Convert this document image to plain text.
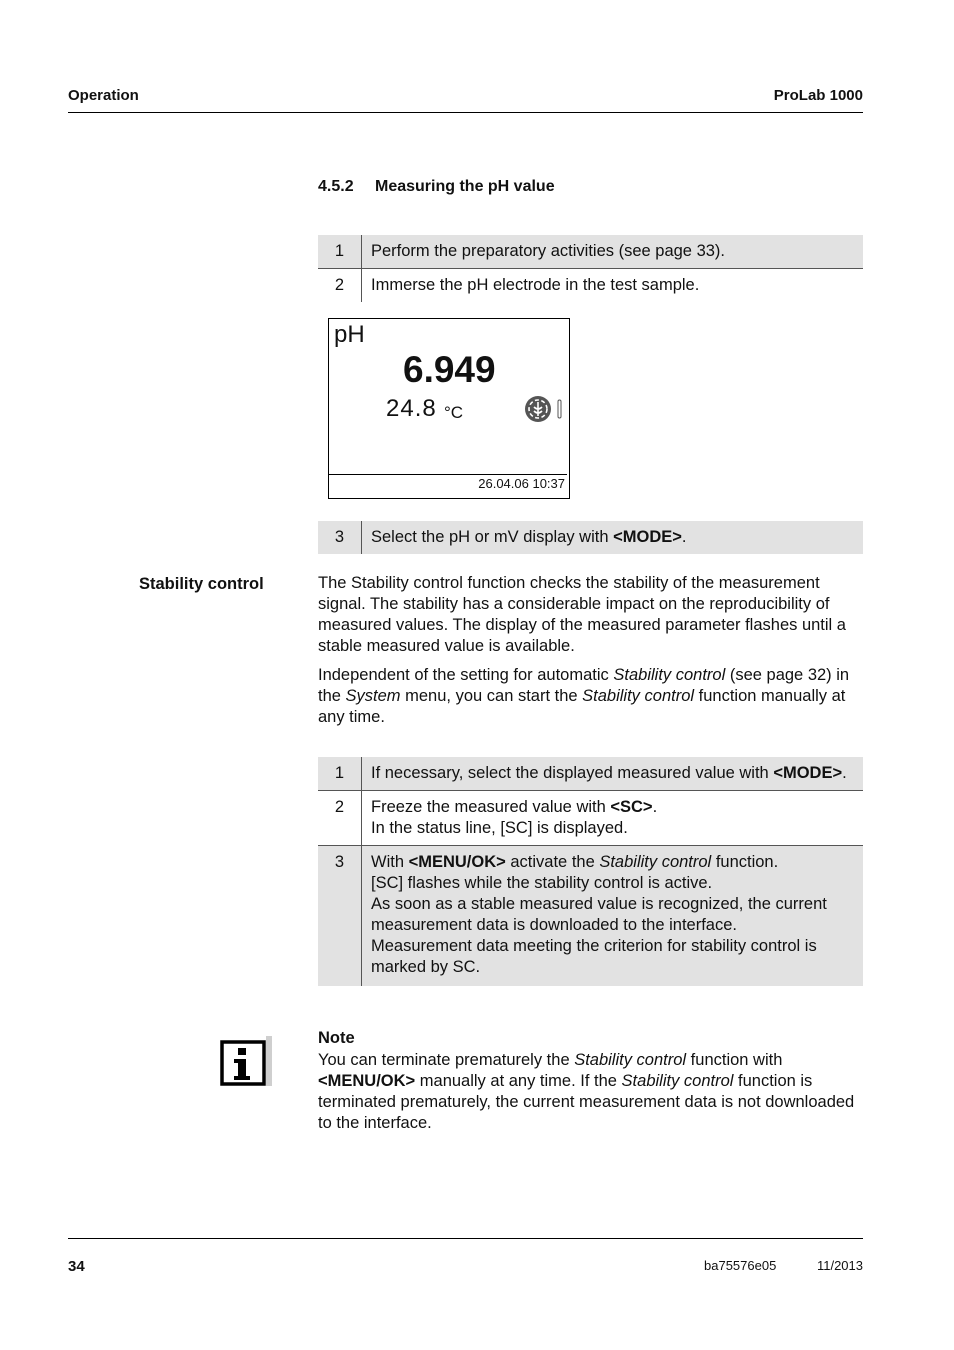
Operation	ProLab 1000
4.5.2 Measuring the pH value
1	Perform the preparatory activities (see page 33).
2	Immerse the pH electrode in the test sample.
pH
6.949
24.8 °C
26.04.06 10:37
3	Select the pH or mV display with <MODE>.
Stability control	The Stability control function checks the stability of the measurement signal. The stability has a considerable impact on the reproducibility of measured values. The display of the measured parameter flashes until a stable measured value is available.
Independent of the setting for automatic Stability control (see page 32) in the System menu, you can start the Stability control function manually at any time.
1	If necessary, select the displayed measured value with <MODE>.
2	Freeze the measured value with <SC>.
In the status line, [SC] is displayed.
3	With <MENU/OK> activate the Stability control function.
[SC] flashes while the stability control is active.
As soon as a stable measured value is recognized, the current measurement data is downloaded to the interface.
Measurement data meeting the criterion for stability control is marked by SC.
Note
You can terminate prematurely the Stability control function with <MENU/OK> manually at any time. If the Stability control function is terminated prematurely, the current measurement data is not downloaded to the interface.
34	ba75576e05	11/2013
